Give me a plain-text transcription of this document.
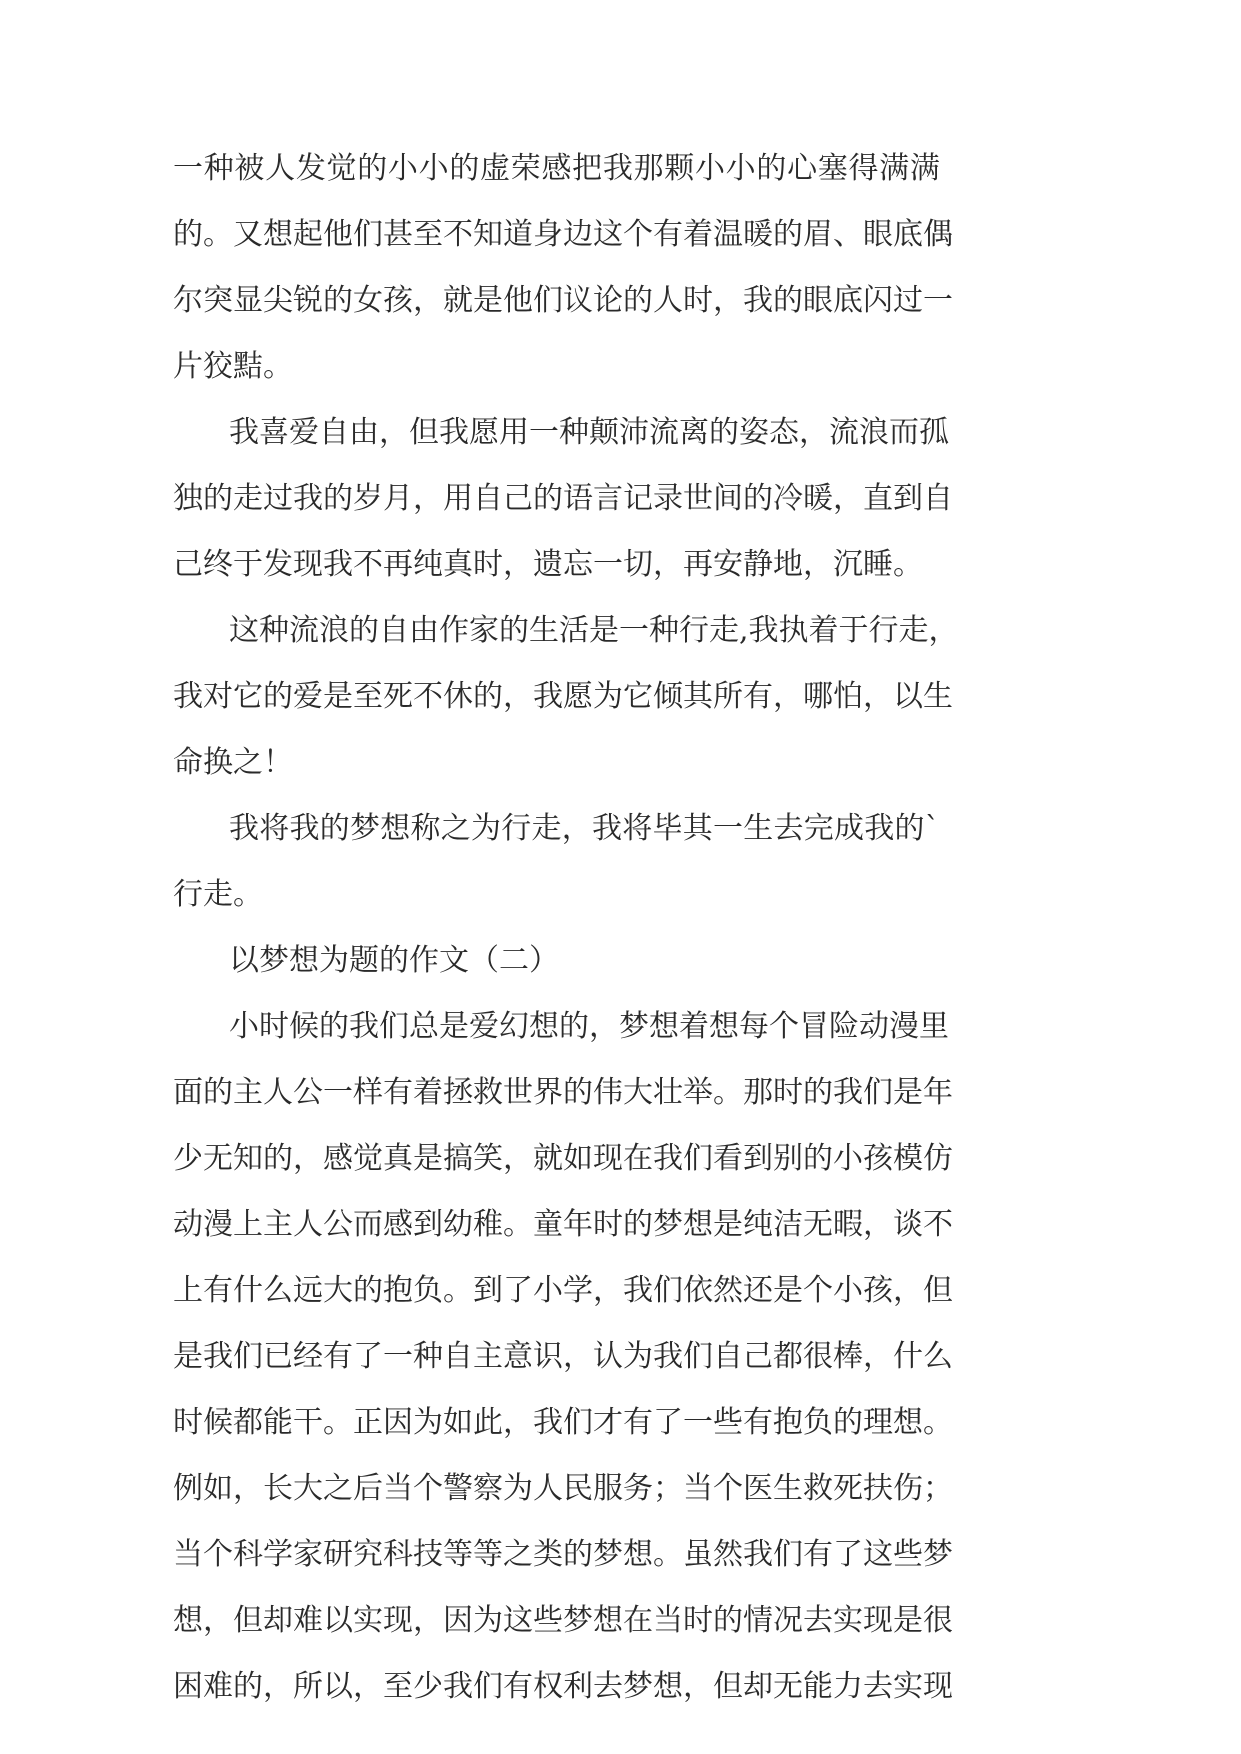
一 种 被 人 发 觉 的 小 小 的 虚 荣 感 把 我 那 颗 小 小 的 心 塞 得 满 满
的 。 又 想 起 他 们 甚 至 不 知 道 身 边 这 个 有 着 温 暖 的 眉 、 眼 底 偶
尔 突 显 尖 锐 的 女 孩 ， 就 是 他 们 议 论 的 人 时 ， 我 的 眼 底 闪 过 一
片狡黠。
我 喜 爱 自 由 ， 但 我 愿 用 一 种 颠 沛 流 离 的 姿 态 ， 流 浪 而 孤
独 的 走 过 我 的 岁 月 ， 用 自 己 的 语 言 记 录 世 间 的 冷 暖 ， 直 到 自
己终于发现我不再纯真时，遗忘一切，再安静地，沉睡。
这 种 流 浪 的 自 由 作 家 的 生 活 是 一 种 行 走 , 我 执 着 于 行 走 ，
我 对 它 的 爱 是 至 死 不 休 的 ， 我 愿 为 它 倾 其 所 有 ， 哪 怕 ， 以 生
命换之！
我 将 我 的 梦 想 称 之 为 行 走 ， 我 将 毕 其 一 生 去 完 成 我 的 `
行走。
以梦想为题的作文（二）
小 时 候 的 我 们 总 是 爱 幻 想 的 ， 梦 想 着 想 每 个 冒 险 动 漫 里
面 的 主 人 公 一 样 有 着 拯 救 世 界 的 伟 大 壮 举 。 那 时 的 我 们 是 年
少 无 知 的 ， 感 觉 真 是 搞 笑 ， 就 如 现 在 我 们 看 到 别 的 小 孩 模 仿
动 漫 上 主 人 公 而 感 到 幼 稚 。 童 年 时 的 梦 想 是 纯 洁 无 暇 ， 谈 不
上 有 什 么 远 大 的 抱 负 。 到 了 小 学 ， 我 们 依 然 还 是 个 小 孩 ， 但
是 我 们 已 经 有 了 一 种 自 主 意 识 ， 认 为 我 们 自 己 都 很 棒 ， 什 么
时 候 都 能 干 。 正 因 为 如 此 ， 我 们 才 有 了 一 些 有 抱 负 的 理 想 。
例 如 ， 长 大 之 后 当 个 警 察 为 人 民 服 务 ； 当 个 医 生 救 死 扶 伤 ；
当 个 科 学 家 研 究 科 技 等 等 之 类 的 梦 想 。 虽 然 我 们 有 了 这 些 梦
想 ， 但 却 难 以 实 现 ， 因 为 这 些 梦 想 在 当 时 的 情 况 去 实 现 是 很
困 难 的 ， 所 以 ， 至 少 我 们 有 权 利 去 梦 想 ， 但 却 无 能 力 去 实 现
